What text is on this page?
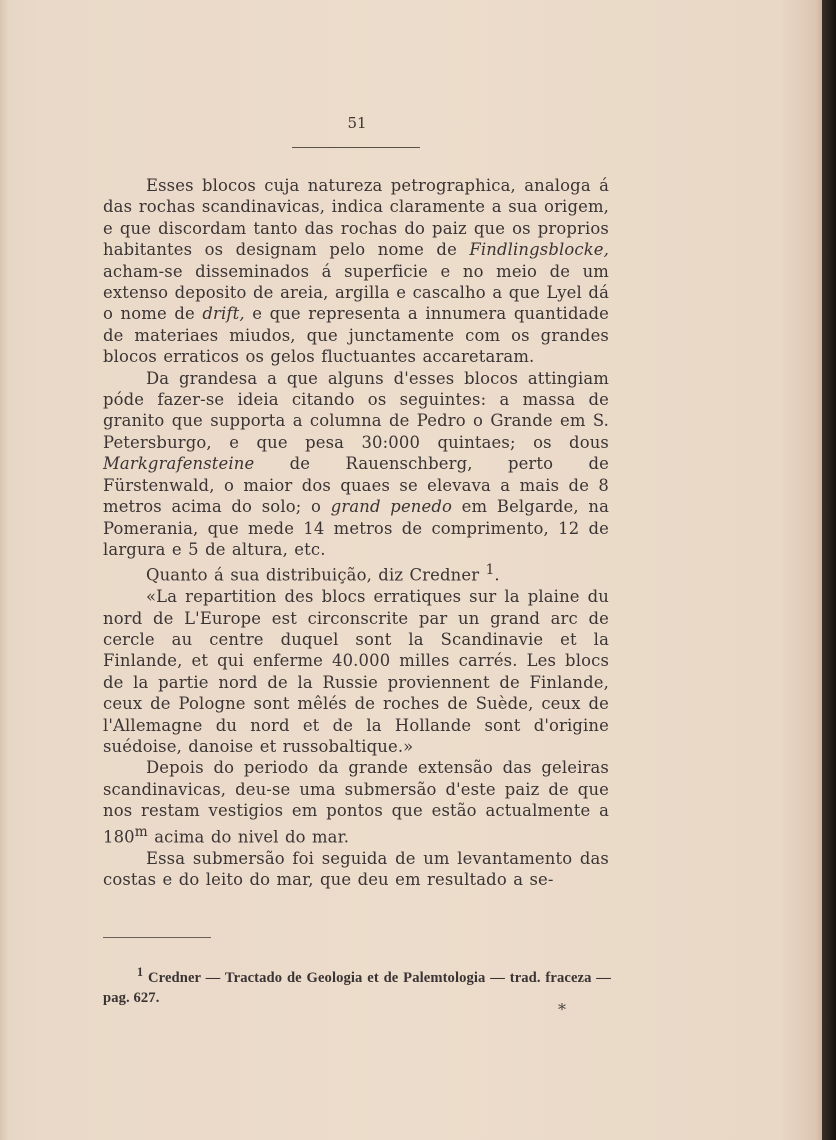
51

Esses blocos cuja natureza petrographica, analoga á das rochas scandinavicas, indica claramente a sua origem, e que discordam tanto das rochas do paiz que os proprios habitantes os designam pelo nome de Findlingsblocke, acham-se disseminados á superficie e no meio de um extenso deposito de areia, argilla e cascalho a que Lyel dá o nome de drift, e que representa a innumera quantidade de materiaes miudos, que junctamente com os grandes blocos erraticos os gelos fluctuantes accaretaram.

Da grandesa a que alguns d'esses blocos attingiam póde fazer-se ideia citando os seguintes: a massa de granito que supporta a columna de Pedro o Grande em S. Petersburgo, e que pesa 30:000 quintaes; os dous Markgrafensteine de Rauenschberg, perto de Fürstenwald, o maior dos quaes se elevava a mais de 8 metros acima do solo; o grand penedo em Belgarde, na Pomerania, que mede 14 metros de comprimento, 12 de largura e 5 de altura, etc.

Quanto á sua distribuição, diz Credner $^1$.

«La repartition des blocs erratiques sur la plaine du nord de L'Europe est circonscrite par un grand arc de cercle au centre duquel sont la Scandinavie et la Finlande, et qui enferme 40.000 milles carrés. Les blocs de la partie nord de la Russie proviennent de Finlande, ceux de Pologne sont mêlés de roches de Suède, ceux de l'Allemagne du nord et de la Hollande sont d'origine suédoise, danoise et russobaltique.»

Depois do periodo da grande extensão das geleiras scandinavicas, deu-se uma submersão d'este paiz de que nos restam vestigios em pontos que estão actualmente a 180$^m$ acima do nivel do mar.

Essa submersão foi seguida de um levantamento das costas e do leito do mar, que deu em resultado a se-

$^1$ Credner — Tractado de Geologia et de Palemtologia — trad. fraceza — pag. 627.
*
